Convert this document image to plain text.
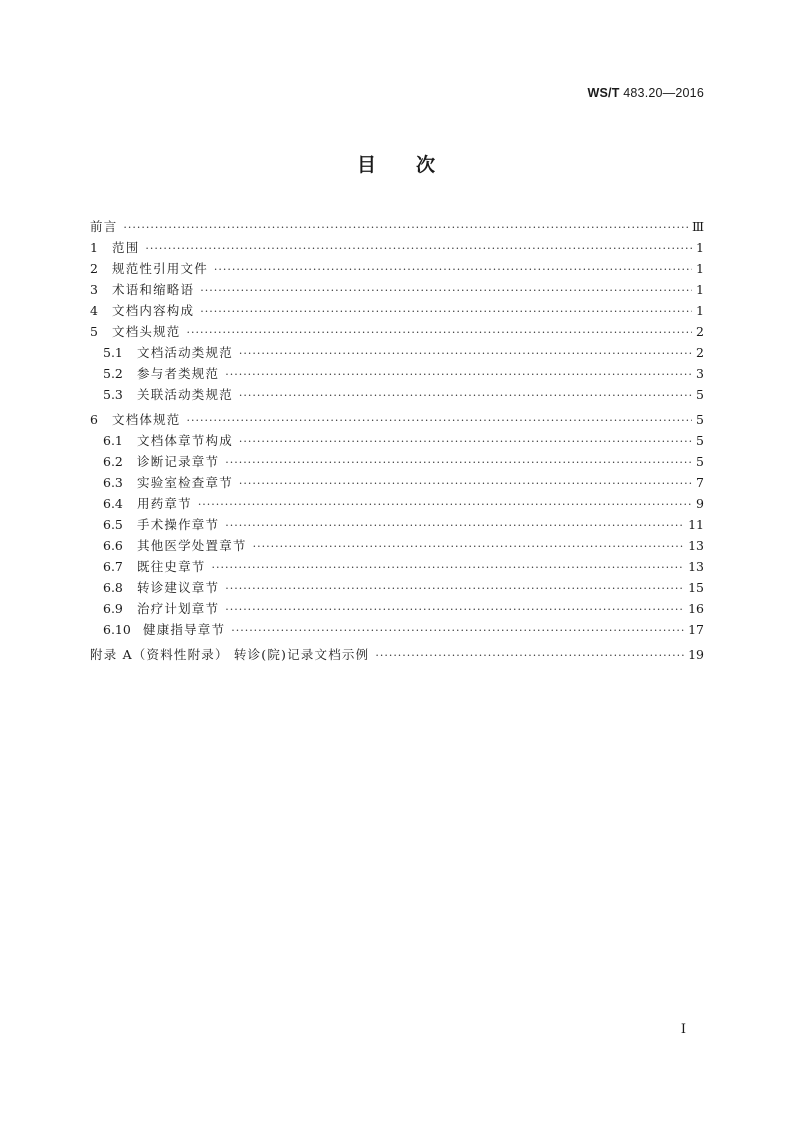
WS/T 483.20—2016
目 次
前言 ·····	Ⅲ
1	范围 ·····	1
2	规范性引用文件 ·····	1
3	术语和缩略语 ·····	1
4	文档内容构成 ·····	1
5	文档头规范 ·····	2
5.1	文档活动类规范 ·····	2
5.2	参与者类规范 ·····	3
5.3	关联活动类规范 ·····	5
6	文档体规范 ·····	5
6.1	文档体章节构成 ·····	5
6.2	诊断记录章节 ·····	5
6.3	实验室检查章节 ·····	7
6.4	用药章节 ·····	9
6.5	手术操作章节 ·····	11
6.6	其他医学处置章节 ·····	13
6.7	既往史章节 ·····	13
6.8	转诊建议章节 ·····	15
6.9	治疗计划章节 ·····	16
6.10 健康指导章节 ·····	17
附录 A（资料性附录） 转诊(院)记录文档示例 ·····	19
Ⅰ
